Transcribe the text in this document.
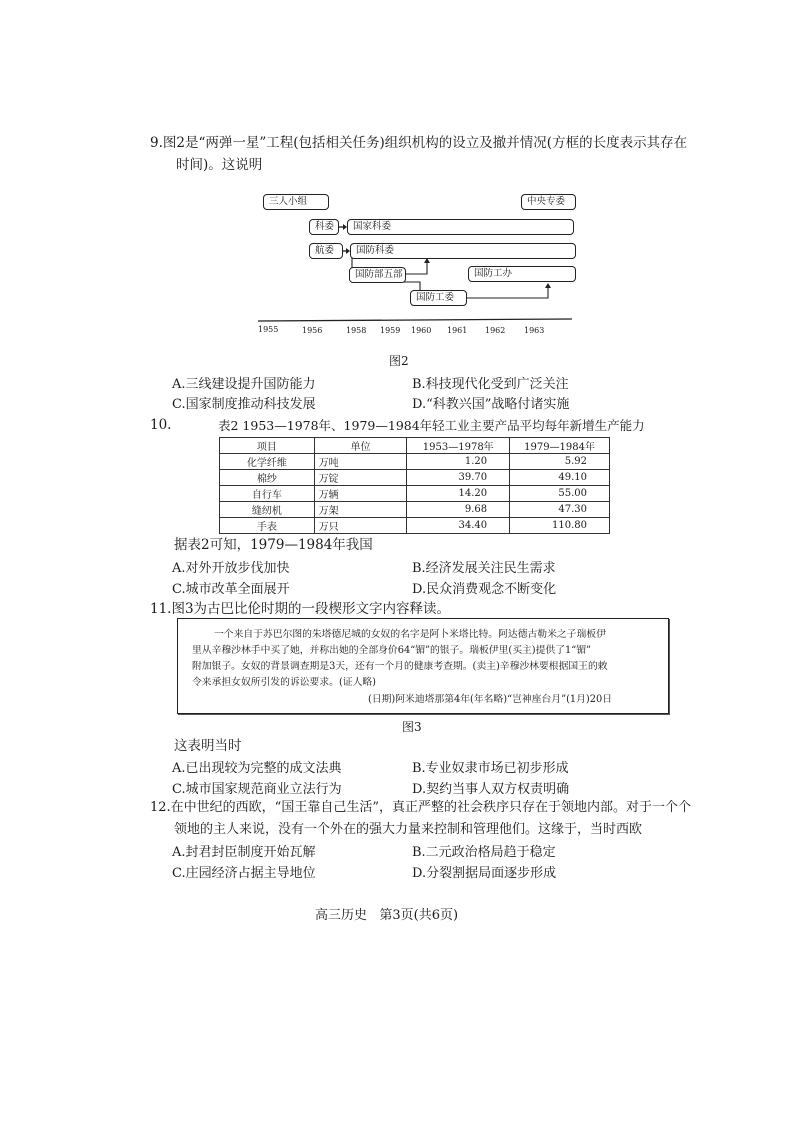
9.图2是“两弹一星”工程(包括相关任务)组织机构的设立及撤并情况(方框的长度表示其存在
时间)。这说明
三人小组	中央专委
科委	国家科委
航委	国防科委
国防部五部	国防工办
国防工委
1955	1956	1958 1959 1960 1961 1962 1963
图2
A.三线建设提升国防能力	B.科技现代化受到广泛关注
C.国家制度推动科技发展	D.“科教兴国”战略付诸实施
10.	表2 1953—1978年、1979—1984年轻工业主要产品平均每年新增生产能力
项目	单位	1953—1978年	1979—1984年
化学纤维	万吨	1.20	5.92
棉纱	万锭	39.70	49.10
自行车	万辆	14.20	55.00
缝纫机	万架	9.68	47.30
手表	万只	34.40	110.80
据表2可知，1979—1984年我国
A.对外开放步伐加快	B.经济发展关注民生需求
C.城市改革全面展开	D.民众消费观念不断变化
11.图3为古巴比伦时期的一段楔形文字内容释读。
一个来自于苏巴尔图的朱塔德尼城的女奴的名字是阿卜米塔比特。阿达德古勒米之子瑞板伊
里从辛穆沙林手中买了她，并称出她的全部身价64“镅”的银子。瑞板伊里(买主)提供了1“镅”
附加银子。女奴的背景调查期是3天，还有一个月的健康考查期。(卖主)辛穆沙林要根据国王的敕
令来承担女奴所引发的诉讼要求。(证人略)
(日期)阿米迪塔那第4年(年名略)“岂神座台月”(1月)20日
图3
这表明当时
A.已出现较为完整的成文法典	B.专业奴隶市场已初步形成
C.城市国家规范商业立法行为	D.契约当事人双方权责明确
12.在中世纪的西欧，“国王靠自己生活”，真正严整的社会秩序只存在于领地内部。对于一个个
领地的主人来说，没有一个外在的强大力量来控制和管理他们。这缘于，当时西欧
A.封君封臣制度开始瓦解	B.二元政治格局趋于稳定
C.庄园经济占据主导地位	D.分裂割据局面逐步形成
高三历史   第3页(共6页)
